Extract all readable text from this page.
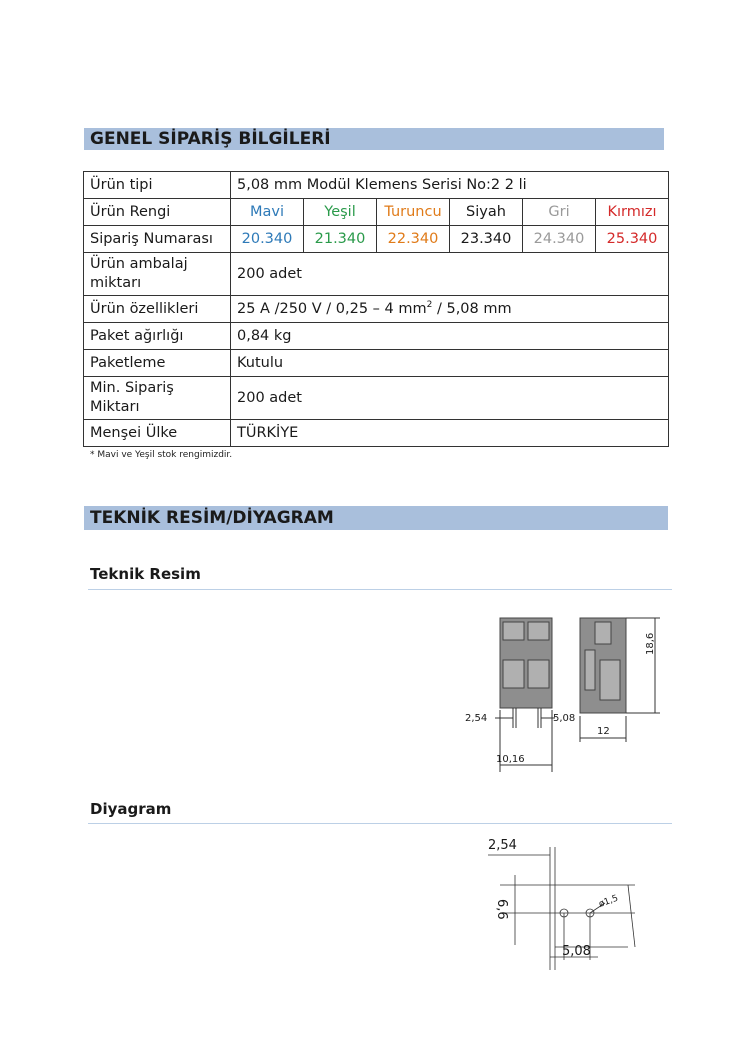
GENEL SİPARİŞ BİLGİLERİ
Ürün tipi	5,08 mm Modül Klemens Serisi No:2 2 li					
Ürün Rengi	Mavi	Yeşil	Turuncu	Siyah	Gri	Kırmızı
Sipariş Numarası	20.340	21.340	22.340	23.340	24.340	25.340
Ürün ambalaj miktarı	200 adet					
Ürün özellikleri	25 A /250 V / 0,25 – 4 $mm^2 / 5,08$ mm					
Paket ağırlığı	0,84 kg					
Paketleme	Kutulu					
Min. Sipariş Miktarı	200 adet					
Menşei Ülke	TÜRKİYE					
* Mavi ve Yeşil stok rengimizdir.
TEKNİK RESİM/DİYAGRAM
Teknik Resim
2,54	5,08
10,16
18,6
12
Diyagram
2,54
5,08
6,6	ø1,5
